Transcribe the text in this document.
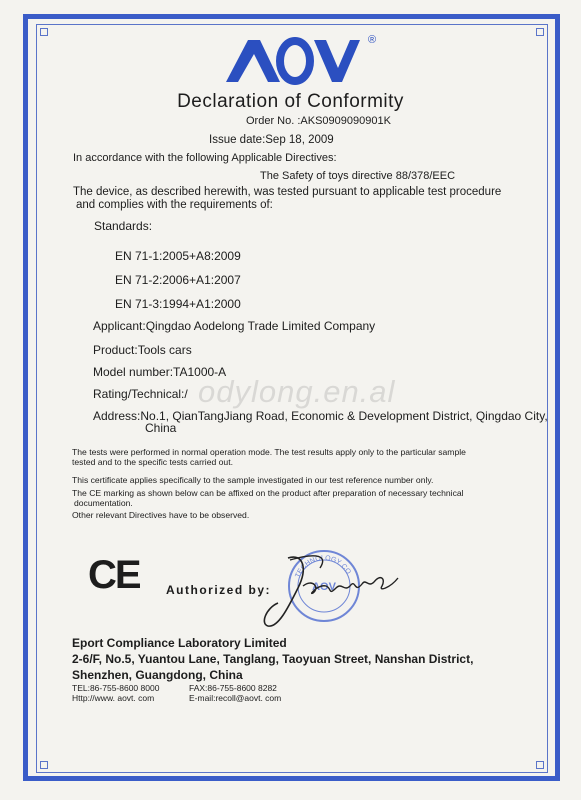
AOV
®
odylong.en.al
Declaration of Conformity
Order No. :AKS0909090901K
Issue date:Sep 18, 2009
In accordance with the following Applicable Directives:
The Safety of toys directive 88/378/EEC
The device, as described herewith, was tested pursuant to applicable test procedure
and complies with the requirements of:
Standards:
EN 71-1:2005+A8:2009
EN 71-2:2006+A1:2007
EN 71-3:1994+A1:2000
Applicant:Qingdao Aodelong Trade Limited Company
Product:Tools cars
Model number:TA1000-A
Rating/Technical:/
Address:No.1, QianTangJiang Road, Economic & Development District, Qingdao City,
China
The tests were performed in normal operation mode. The test results apply only to the particular sample
tested and to the specific tests carried out.
This certificate applies specifically to the sample investigated in our test reference number only.
The CE marking as shown below can be affixed on the product after preparation of necessary technical
documentation.
Other relevant Directives have to be observed.
CE Authorized by:
TECHNOLOGY CO
AOV
Eport Compliance Laboratory Limited
2-6/F, No.5, Yuantou Lane, Tanglang, Taoyuan Street, Nanshan District,
Shenzhen, Guangdong, China
TEL:86-755-8600 8000	FAX:86-755-8600 8282
Http://www. aovt. com	E-mail:recoll@aovt. com
